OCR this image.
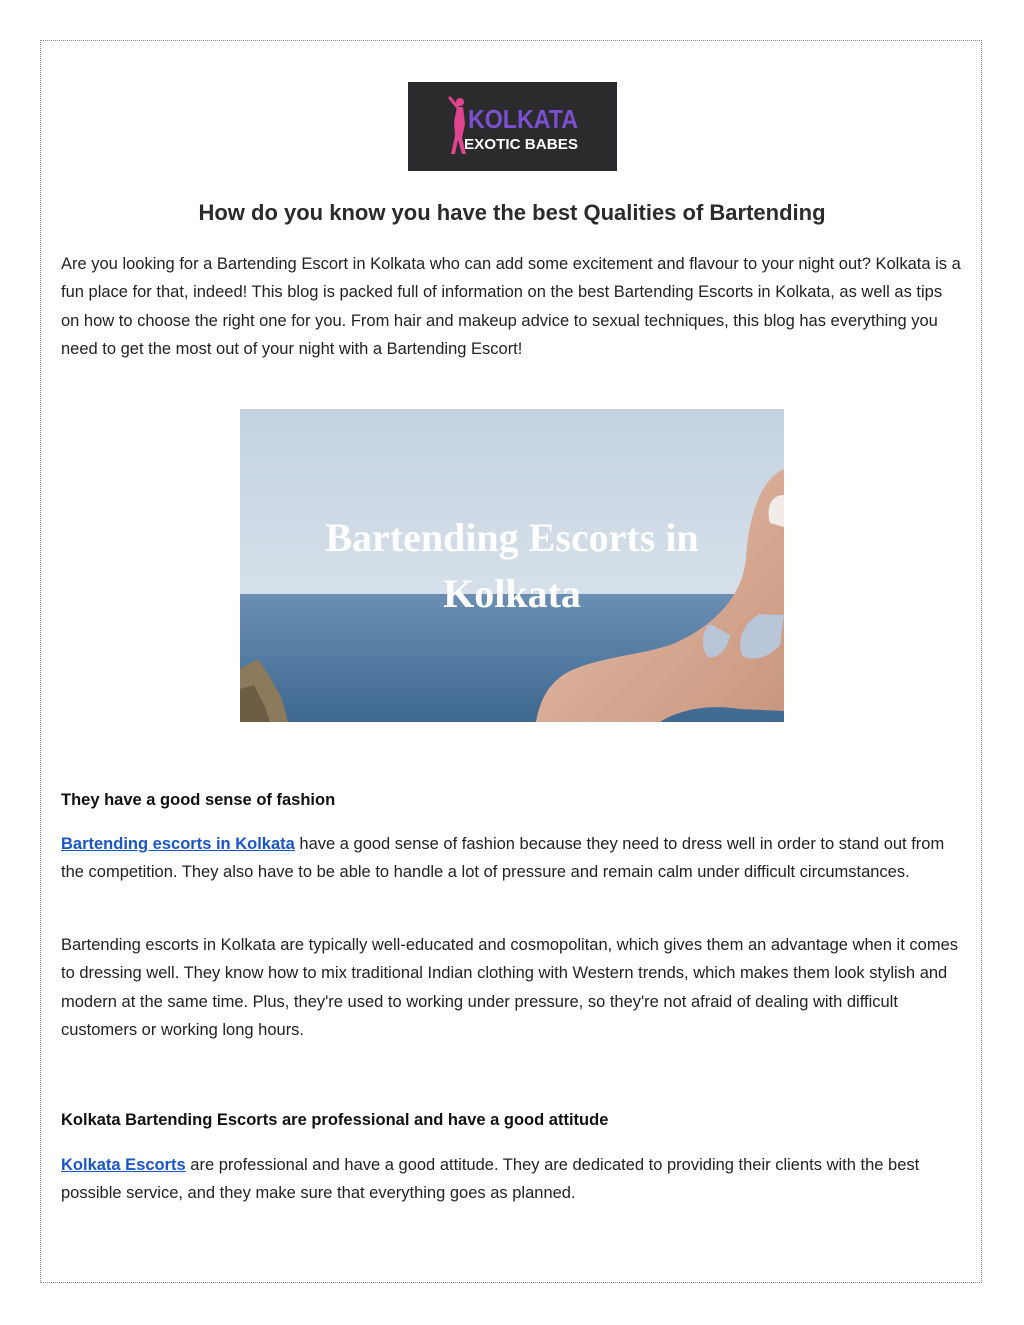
KOLKATA
EXOTIC BABES
How do you know you have the best Qualities of Bartending

Are you looking for a Bartending Escort in Kolkata who can add some excitement and flavour to your night out? Kolkata is a fun place for that, indeed! This blog is packed full of information on the best Bartending Escorts in Kolkata, as well as tips on how to choose the right one for you. From hair and makeup advice to sexual techniques, this blog has everything you need to get the most out of your night with a Bartending Escort!

Bartending Escorts in
Kolkata
They have a good sense of fashion

Bartending escorts in Kolkata have a good sense of fashion because they need to dress well in order to stand out from the competition. They also have to be able to handle a lot of pressure and remain calm under difficult circumstances.

Bartending escorts in Kolkata are typically well-educated and cosmopolitan, which gives them an advantage when it comes to dressing well. They know how to mix traditional Indian clothing with Western trends, which makes them look stylish and modern at the same time. Plus, they're used to working under pressure, so they're not afraid of dealing with difficult customers or working long hours.

Kolkata Bartending Escorts are professional and have a good attitude

Kolkata Escorts are professional and have a good attitude. They are dedicated to providing their clients with the best possible service, and they make sure that everything goes as planned.
